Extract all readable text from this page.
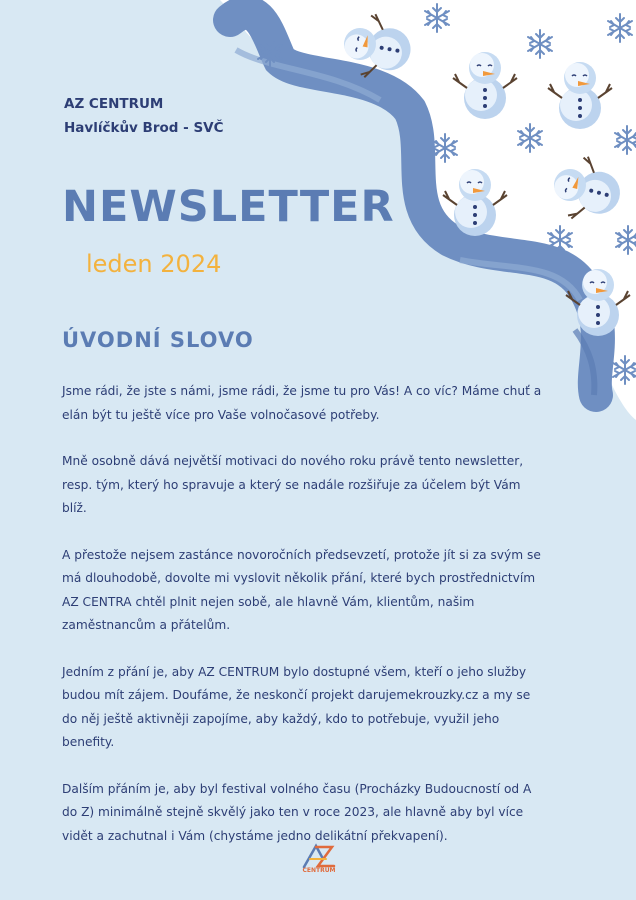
AZ CENTRUM
Havlíčkův Brod - SVČ
NEWSLETTER
leden 2024
ÚVODNÍ SLOVO

Jsme rádi, že jste s námi, jsme rádi, že jsme tu pro Vás! A co víc? Máme chuť a elán být tu ještě více pro Vaše volnočasové potřeby.

Mně osobně dává největší motivaci do nového roku právě tento newsletter, resp. tým, který ho spravuje a který se nadále rozšiřuje za účelem být Vám blíž.

A přestože nejsem zastánce novoročních předsevzetí, protože jít si za svým se má dlouhodobě, dovolte mi vyslovit několik přání, které bych prostřednictvím AZ CENTRA chtěl plnit nejen sobě, ale hlavně Vám, klientům, našim zaměstnancům a přátelům.

Jedním z přání je, aby AZ CENTRUM bylo dostupné všem, kteří o jeho služby budou mít zájem. Doufáme, že neskončí projekt darujemekrouzky.cz a my se do něj ještě aktivněji zapojíme, aby každý, kdo to potřebuje, využil jeho benefity.

Dalším přáním je, aby byl festival volného času (Procházky Budoucností od A do Z) minimálně stejně skvělý jako ten v roce 2023, ale hlavně aby byl více vidět a zachutnal i Vám (chystáme jedno delikátní překvapení).

CENTRUM
